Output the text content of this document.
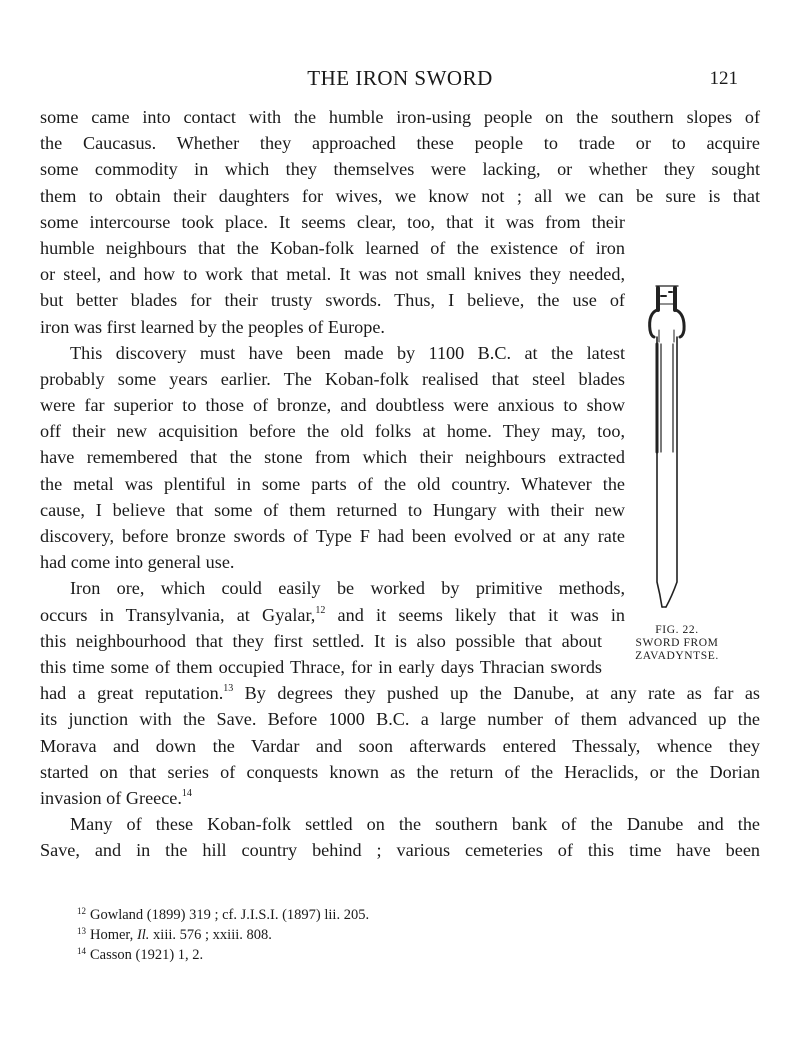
THE IRON SWORD	121
some came into contact with the humble iron-using people on the southern slopes of
the Caucasus. Whether they approached these people to trade or to acquire
some commodity in which they themselves were lacking, or whether they sought
them to obtain their daughters for wives, we know not ; all we can be sure is that
some intercourse took place. It seems clear, too, that it was from their
humble neighbours that the Koban-folk learned of the existence of iron
or steel, and how to work that metal. It was not small knives they needed,
but better blades for their trusty swords. Thus, I believe, the use of
iron was first learned by the peoples of Europe.
This discovery must have been made by 1100 B.C. at the latest
probably some years earlier. The Koban-folk realised that steel blades
were far superior to those of bronze, and doubtless were anxious to show
off their new acquisition before the old folks at home. They may, too,
have remembered that the stone from which their neighbours extracted
the metal was plentiful in some parts of the old country. Whatever the
cause, I believe that some of them returned to Hungary with their new
discovery, before bronze swords of Type F had been evolved or at any rate
had come into general use.
Iron ore, which could easily be worked by primitive methods,
occurs in Transylvania, at Gyalar,$^{12}$ and it seems likely that it was in
this neighbourhood that they first settled. It is also possible that about
this time some of them occupied Thrace, for in early days Thracian swords
had a great reputation.$^{13}$ By degrees they pushed up the Danube, at any rate as far as
its junction with the Save. Before 1000 B.C. a large number of them advanced up the
Morava and down the Vardar and soon afterwards entered Thessaly, whence they
started on that series of conquests known as the return of the Heraclids, or the Dorian
invasion of Greece.$^{14}$
Many of these Koban-folk settled on the southern bank of the Danube and the
Save, and in the hill country behind ; various cemeteries of this time have been
FIG. 22.
SWORD FROM
ZAVADYNTSE.
$^{12}$ Gowland (1899) 319 ; cf. J.I.S.I. (1897) lii. 205.
$^{13}$ Homer, Il. xiii. 576 ; xxiii. 808.
$^{14}$ Casson (1921) 1, 2.
